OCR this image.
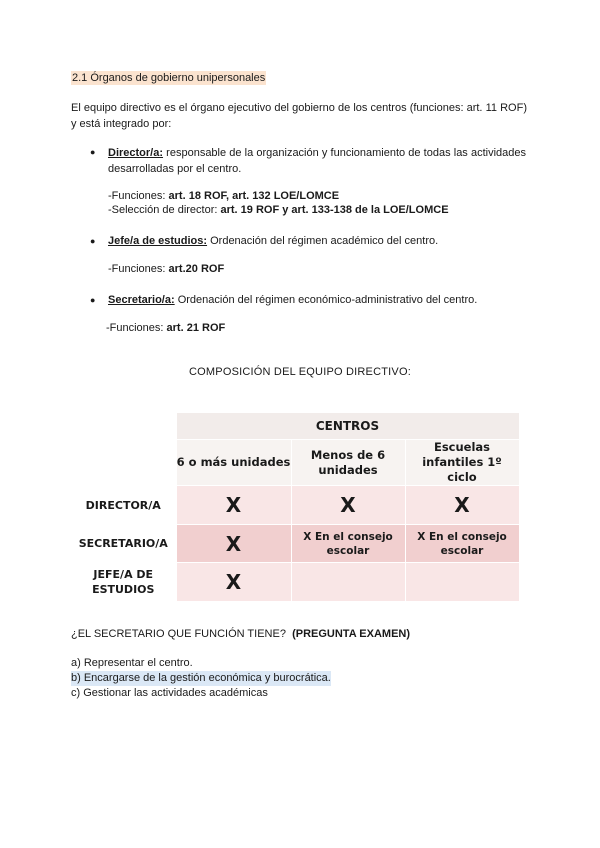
2.1 Órganos de gobierno unipersonales
El equipo directivo es el órgano ejecutivo del gobierno de los centros (funciones: art. 11 ROF) y está integrado por:
●
Director/a: responsable de la organización y funcionamiento de todas las actividades desarrolladas por el centro.
-Funciones: art. 18 ROF, art. 132 LOE/LOMCE
-Selección de director: art. 19 ROF y art. 133-138 de la LOE/LOMCE
●
Jefe/a de estudios: Ordenación del régimen académico del centro.
-Funciones: art.20 ROF
●
Secretario/a: Ordenación del régimen económico-administrativo del centro.
-Funciones: art. 21 ROF
COMPOSICIÓN DEL EQUIPO DIRECTIVO:
	CENTROS		
	6 o más unidades	Menos de 6 unidades	Escuelas infantiles 1º ciclo
DIRECTOR/A	X	X	X
SECRETARIO/A	X	X En el consejo escolar	X En el consejo escolar
JEFE/A DE ESTUDIOS	X		
¿EL SECRETARIO QUE FUNCIÓN TIENE?  (PREGUNTA EXAMEN)
a) Representar el centro.
b) Encargarse de la gestión económica y burocrática.
c) Gestionar las actividades académicas
